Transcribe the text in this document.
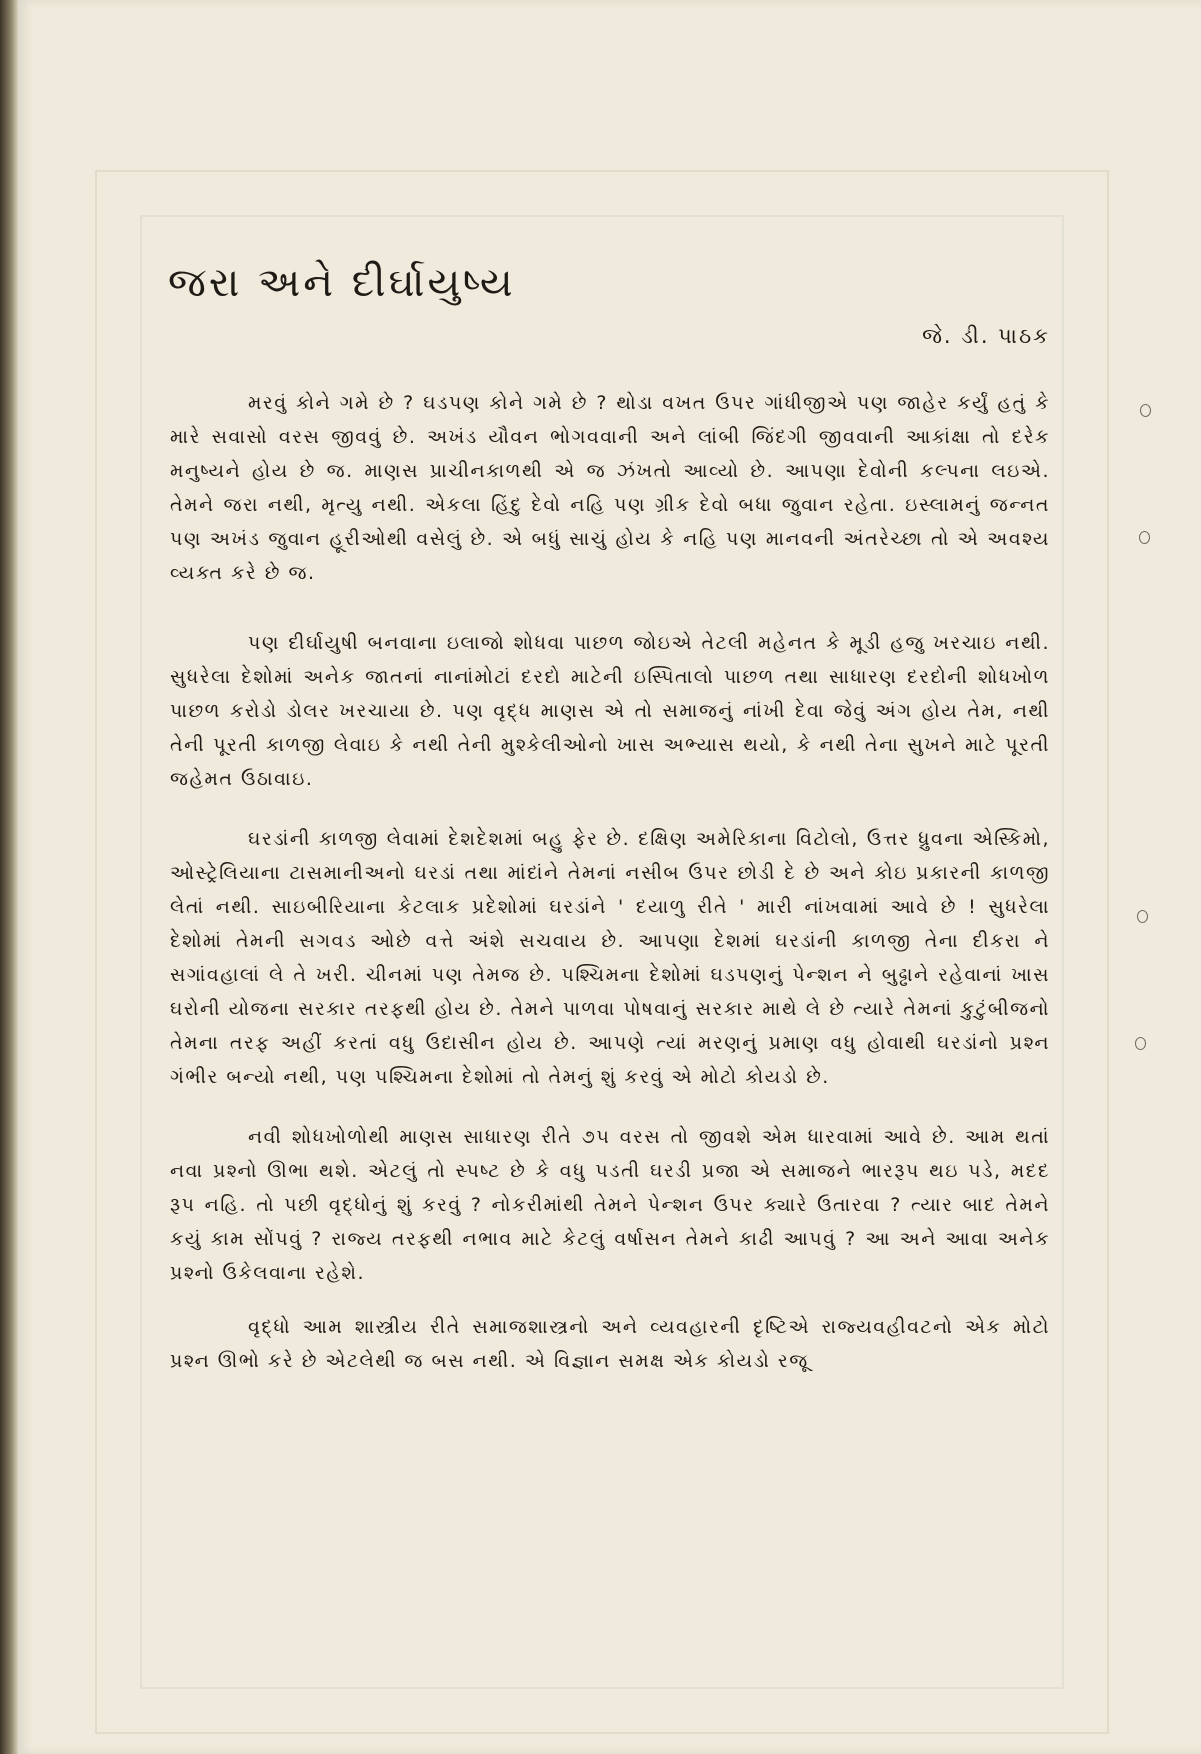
જરા અને દીર્ઘાયુષ્ય

જે. ડી. પાઠક

મરવું કોને ગમે છે ? ઘડપણ કોને ગમે છે ? થોડા વખત ઉપર ગાંધીજીએ પણ જાહેર કર્યું હતું કે મારે સવાસો વરસ જીવવું છે. અખંડ યૌવન ભોગવવાની અને લાંબી જિંદગી જીવવાની આકાંક્ષા તો દરેક મનુષ્યને હોય છે જ. માણસ પ્રાચીનકાળથી એ જ ઝંખતો આવ્યો છે. આપણા દેવોની કલ્પના લઇએ. તેમને જરા નથી, મૃત્યુ નથી. એકલા હિંદુ દેવો નહિ પણ ગ્રીક દેવો બધા જુવાન રહેતા. ઇસ્લામનું જન્નત પણ અખંડ જુવાન હૂરીઓથી વસેલું છે. એ બધું સાચું હોય કે નહિ પણ માનવની અંતરેચ્છા તો એ અવશ્ય વ્યક્ત કરે છે જ.

પણ દીર્ઘાયુષી બનવાના ઇલાજો શોધવા પાછળ જોઇએ તેટલી મહેનત કે મૂડી હજુ ખરચાઇ નથી. સુધરેલા દેશોમાં અનેક જાતનાં નાનાંમોટાં દરદો માટેની ઇસ્પિતાલો પાછળ તથા સાધારણ દરદોની શોધખોળ પાછળ કરોડો ડોલર ખરચાયા છે. પણ વૃદ્ધ માણસ એ તો સમાજનું નાંખી દેવા જેવું અંગ હોય તેમ, નથી તેની પૂરતી કાળજી લેવાઇ કે નથી તેની મુશ્કેલીઓનો ખાસ અભ્યાસ થયો, કે નથી તેના સુખને માટે પૂરતી જહેમત ઉઠાવાઇ.

ઘરડાંની કાળજી લેવામાં દેશદેશમાં બહુ ફેર છે. દક્ષિણ અમેરિકાના વિટોલો, ઉત્તર ધ્રુવના એસ્કિમો, ઓસ્ટ્રેલિયાના ટાસમાનીઅનો ઘરડાં તથા માંદાંને તેમનાં નસીબ ઉપર છોડી દે છે અને કોઇ પ્રકારની કાળજી લેતાં નથી. સાઇબીરિયાના કેટલાક પ્રદેશોમાં ઘરડાંને ' દયાળુ રીતે ' મારી નાંખવામાં આવે છે ! સુધરેલા દેશોમાં તેમની સગવડ ઓછે વત્તે અંશે સચવાય છે. આપણા દેશમાં ઘરડાંની કાળજી તેના દીકરા ને સગાંવહાલાં લે તે ખરી. ચીનમાં પણ તેમજ છે. પશ્ચિમના દેશોમાં ઘડપણનું પેન્શન ને બુઢ્ઢાને રહેવાનાં ખાસ ઘરોની યોજના સરકાર તરફથી હોય છે. તેમને પાળવા પોષવાનું સરકાર માથે લે છે ત્યારે તેમનાં કુટુંબીજનો તેમના તરફ અહીં કરતાં વધુ ઉદાસીન હોય છે. આપણે ત્યાં મરણનું પ્રમાણ વધુ હોવાથી ઘરડાંનો પ્રશ્ન ગંભીર બન્યો નથી, પણ પશ્ચિમના દેશોમાં તો તેમનું શું કરવું એ મોટો કોયડો છે.

નવી શોધખોળોથી માણસ સાધારણ રીતે ૭૫ વરસ તો જીવશે એમ ધારવામાં આવે છે. આમ થતાં નવા પ્રશ્નો ઊભા થશે. એટલું તો સ્પષ્ટ છે કે વધુ પડતી ઘરડી પ્રજા એ સમાજને ભારરૂપ થઇ પડે, મદદ રૂપ નહિ. તો પછી વૃદ્ધોનું શું કરવું ? નોકરીમાંથી તેમને પેન્શન ઉપર ક્યારે ઉતારવા ? ત્યાર બાદ તેમને કયું કામ સોંપવું ? રાજ્ય તરફથી નભાવ માટે કેટલું વર્ષાસન તેમને કાઢી આપવું ? આ અને આવા અનેક પ્રશ્નો ઉકેલવાના રહેશે.

વૃદ્ધો આમ શાસ્ત્રીય રીતે સમાજશાસ્ત્રનો અને વ્યવહારની દૃષ્ટિએ રાજ્યવહીવટનો એક મોટો પ્રશ્ન ઊભો કરે છે એટલેથી જ બસ નથી. એ વિજ્ઞાન સમક્ષ એક કોયડો રજૂ
